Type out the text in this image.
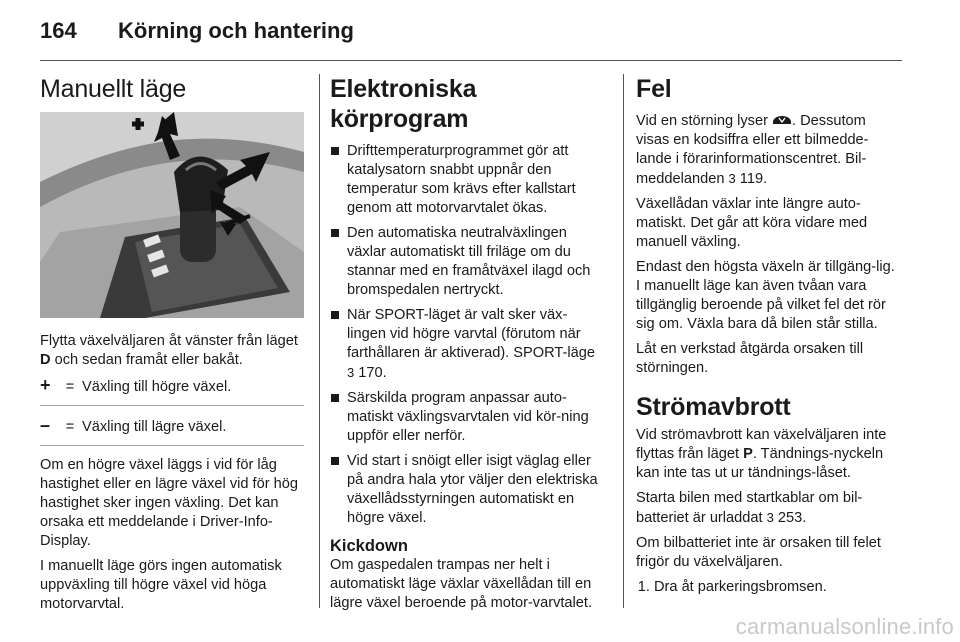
164 Körning och hantering
Manuellt läge

Flytta växelväljaren åt vänster från läget D och sedan framåt eller bakåt.

+	= Växling till högre växel.
–	= Växling till lägre växel.

Om en högre växel läggs i vid för låg hastighet eller en lägre växel vid för hög hastighet sker ingen växling. Det kan orsaka ett meddelande i Driver-Info-Display.

I manuellt läge görs ingen automatisk uppväxling till högre växel vid höga motorvarvtal.

Elektroniska körprogram
Drifttemperaturprogrammet gör att katalysatorn snabbt uppnår den temperatur som krävs efter kallstart genom att motorvarvtalet ökas.
Den automatiska neutralväxlingen växlar automatiskt till friläge om du stannar med en framåtväxel ilagd och bromspedalen nertryckt.
När SPORT-läget är valt sker väx-lingen vid högre varvtal (förutom när farthållaren är aktiverad). SPORT-läge 3 170.
Särskilda program anpassar auto-matiskt växlingsvarvtalen vid kör-ning uppför eller nerför.
Vid start i snöigt eller isigt väglag eller på andra hala ytor väljer den elektriska växellådsstyrningen automatiskt en högre växel.
Kickdown

Om gaspedalen trampas ner helt i automatiskt läge växlar växellådan till en lägre växel beroende på motor-varvtalet.

Fel

Vid en störning lyser . Dessutom visas en kodsiffra eller ett bilmedde-lande i förarinformationscentret. Bil-meddelanden 3 119.

Växellådan växlar inte längre auto-matiskt. Det går att köra vidare med manuell växling.

Endast den högsta växeln är tillgäng-lig. I manuellt läge kan även tvåan vara tillgänglig beroende på vilket fel det rör sig om. Växla bara då bilen står stilla.

Låt en verkstad åtgärda orsaken till störningen.

Strömavbrott

Vid strömavbrott kan växelväljaren inte flyttas från läget P. Tändnings-nyckeln kan inte tas ut ur tändnings-låset.

Starta bilen med startkablar om bil-batteriet är urladdat 3 253.

Om bilbatteriet inte är orsaken till felet frigör du växelväljaren.

1. Dra åt parkeringsbromsen.
carmanualsonline.info
